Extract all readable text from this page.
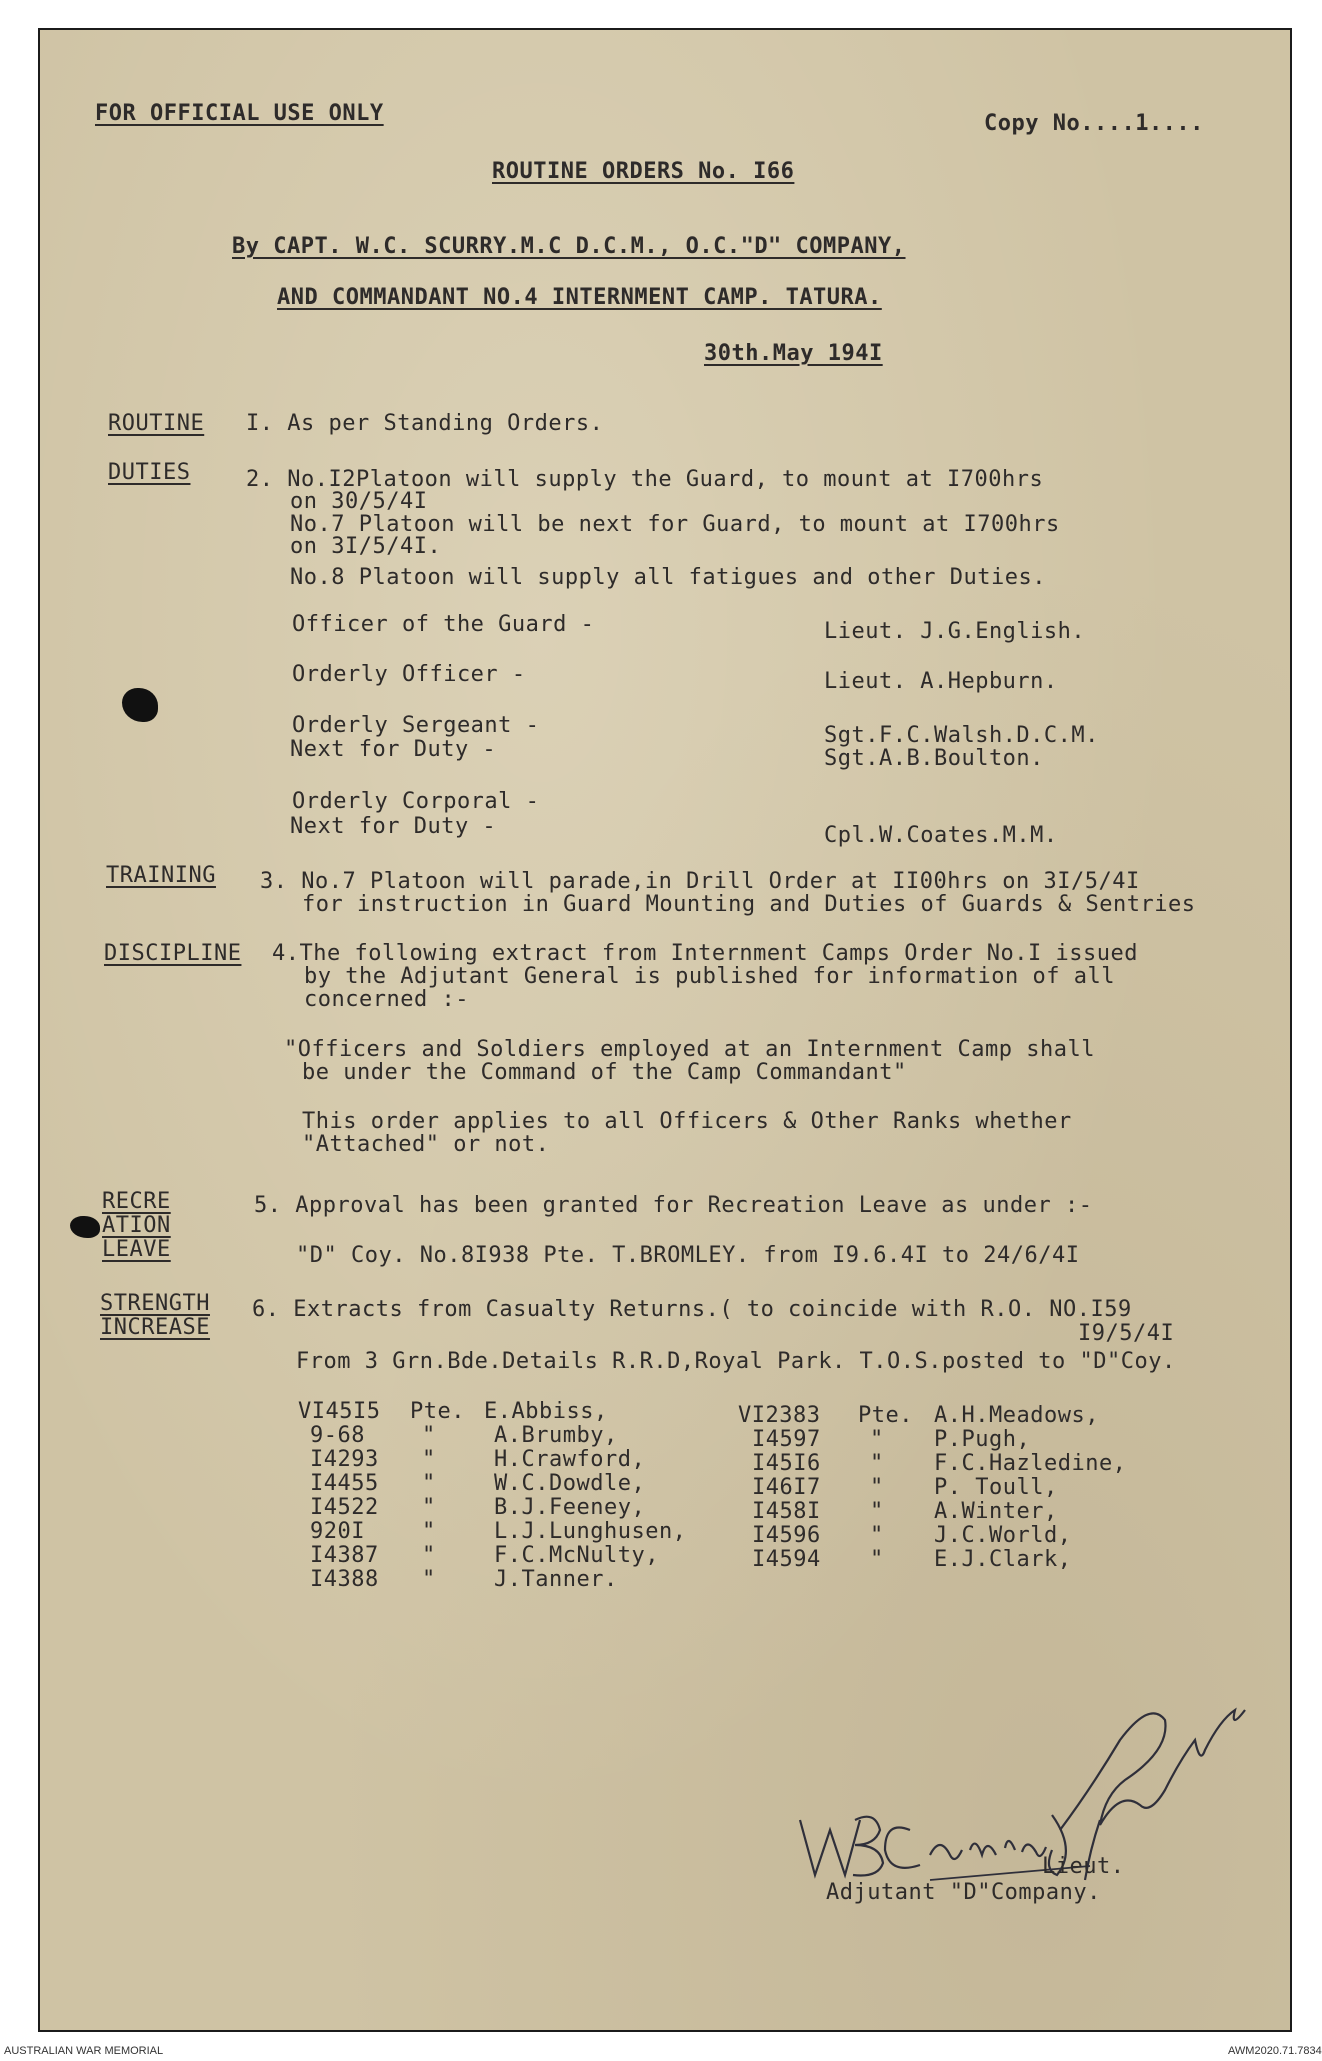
FOR OFFICIAL USE ONLY	Copy No....1....
ROUTINE ORDERS No. I66
By CAPT. W.C. SCURRY.M.C D.C.M., O.C."D" COMPANY,
AND COMMANDANT NO.4 INTERNMENT CAMP. TATURA.
30th.May 194I
ROUTINE I. As per Standing Orders.
DUTIES	2. No.I2Platoon will supply the Guard, to mount at I700hrs
on 30/5/4I
No.7 Platoon will be next for Guard, to mount at I700hrs
on 3I/5/4I.
No.8 Platoon will supply all fatigues and other Duties.
Officer of the Guard -	Lieut. J.G.English.
Orderly Officer -	Lieut. A.Hepburn.
Orderly Sergeant -	Sgt.F.C.Walsh.D.C.M.
Next for Duty -	Sgt.A.B.Boulton.
Orderly Corporal -
Next for Duty -	Cpl.W.Coates.M.M.
TRAINING 3. No.7 Platoon will parade,in Drill Order at II00hrs on 3I/5/4I
for instruction in Guard Mounting and Duties of Guards & Sentries
DISCIPLINE 4.The following extract from Internment Camps Order No.I issued
by the Adjutant General is published for information of all
concerned :-
"Officers and Soldiers employed at an Internment Camp shall
be under the Command of the Camp Commandant"
This order applies to all Officers & Other Ranks whether
"Attached" or not.
RECRE
ATION
LEAVE
5. Approval has been granted for Recreation Leave as under :-
"D" Coy. No.8I938 Pte. T.BROMLEY. from I9.6.4I to 24/6/4I
STRENGTH
INCREASE
6. Extracts from Casualty Returns.( to coincide with R.O. NO.I59
I9/5/4I
From 3 Grn.Bde.Details R.R.D,Royal Park. T.O.S.posted to "D"Coy.
VI45I5 Pte. E.Abbiss,
9-68	"	A.Brumby,
I4293 "	H.Crawford,
I4455 "	W.C.Dowdle,
I4522 "	B.J.Feeney,
920I	"	L.J.Lunghusen,
I4387 "	F.C.McNulty,
I4388 "	J.Tanner.
VI2383 Pte. A.H.Meadows,
I4597 " P.Pugh,
I45I6 " F.C.Hazledine,
I46I7 " P. Toull,
I458I " A.Winter,
I4596 " J.C.World,
I4594 " E.J.Clark,
Lieut.
Adjutant "D"Company.
AUSTRALIAN WAR MEMORIAL	AWM2020.71.7834
